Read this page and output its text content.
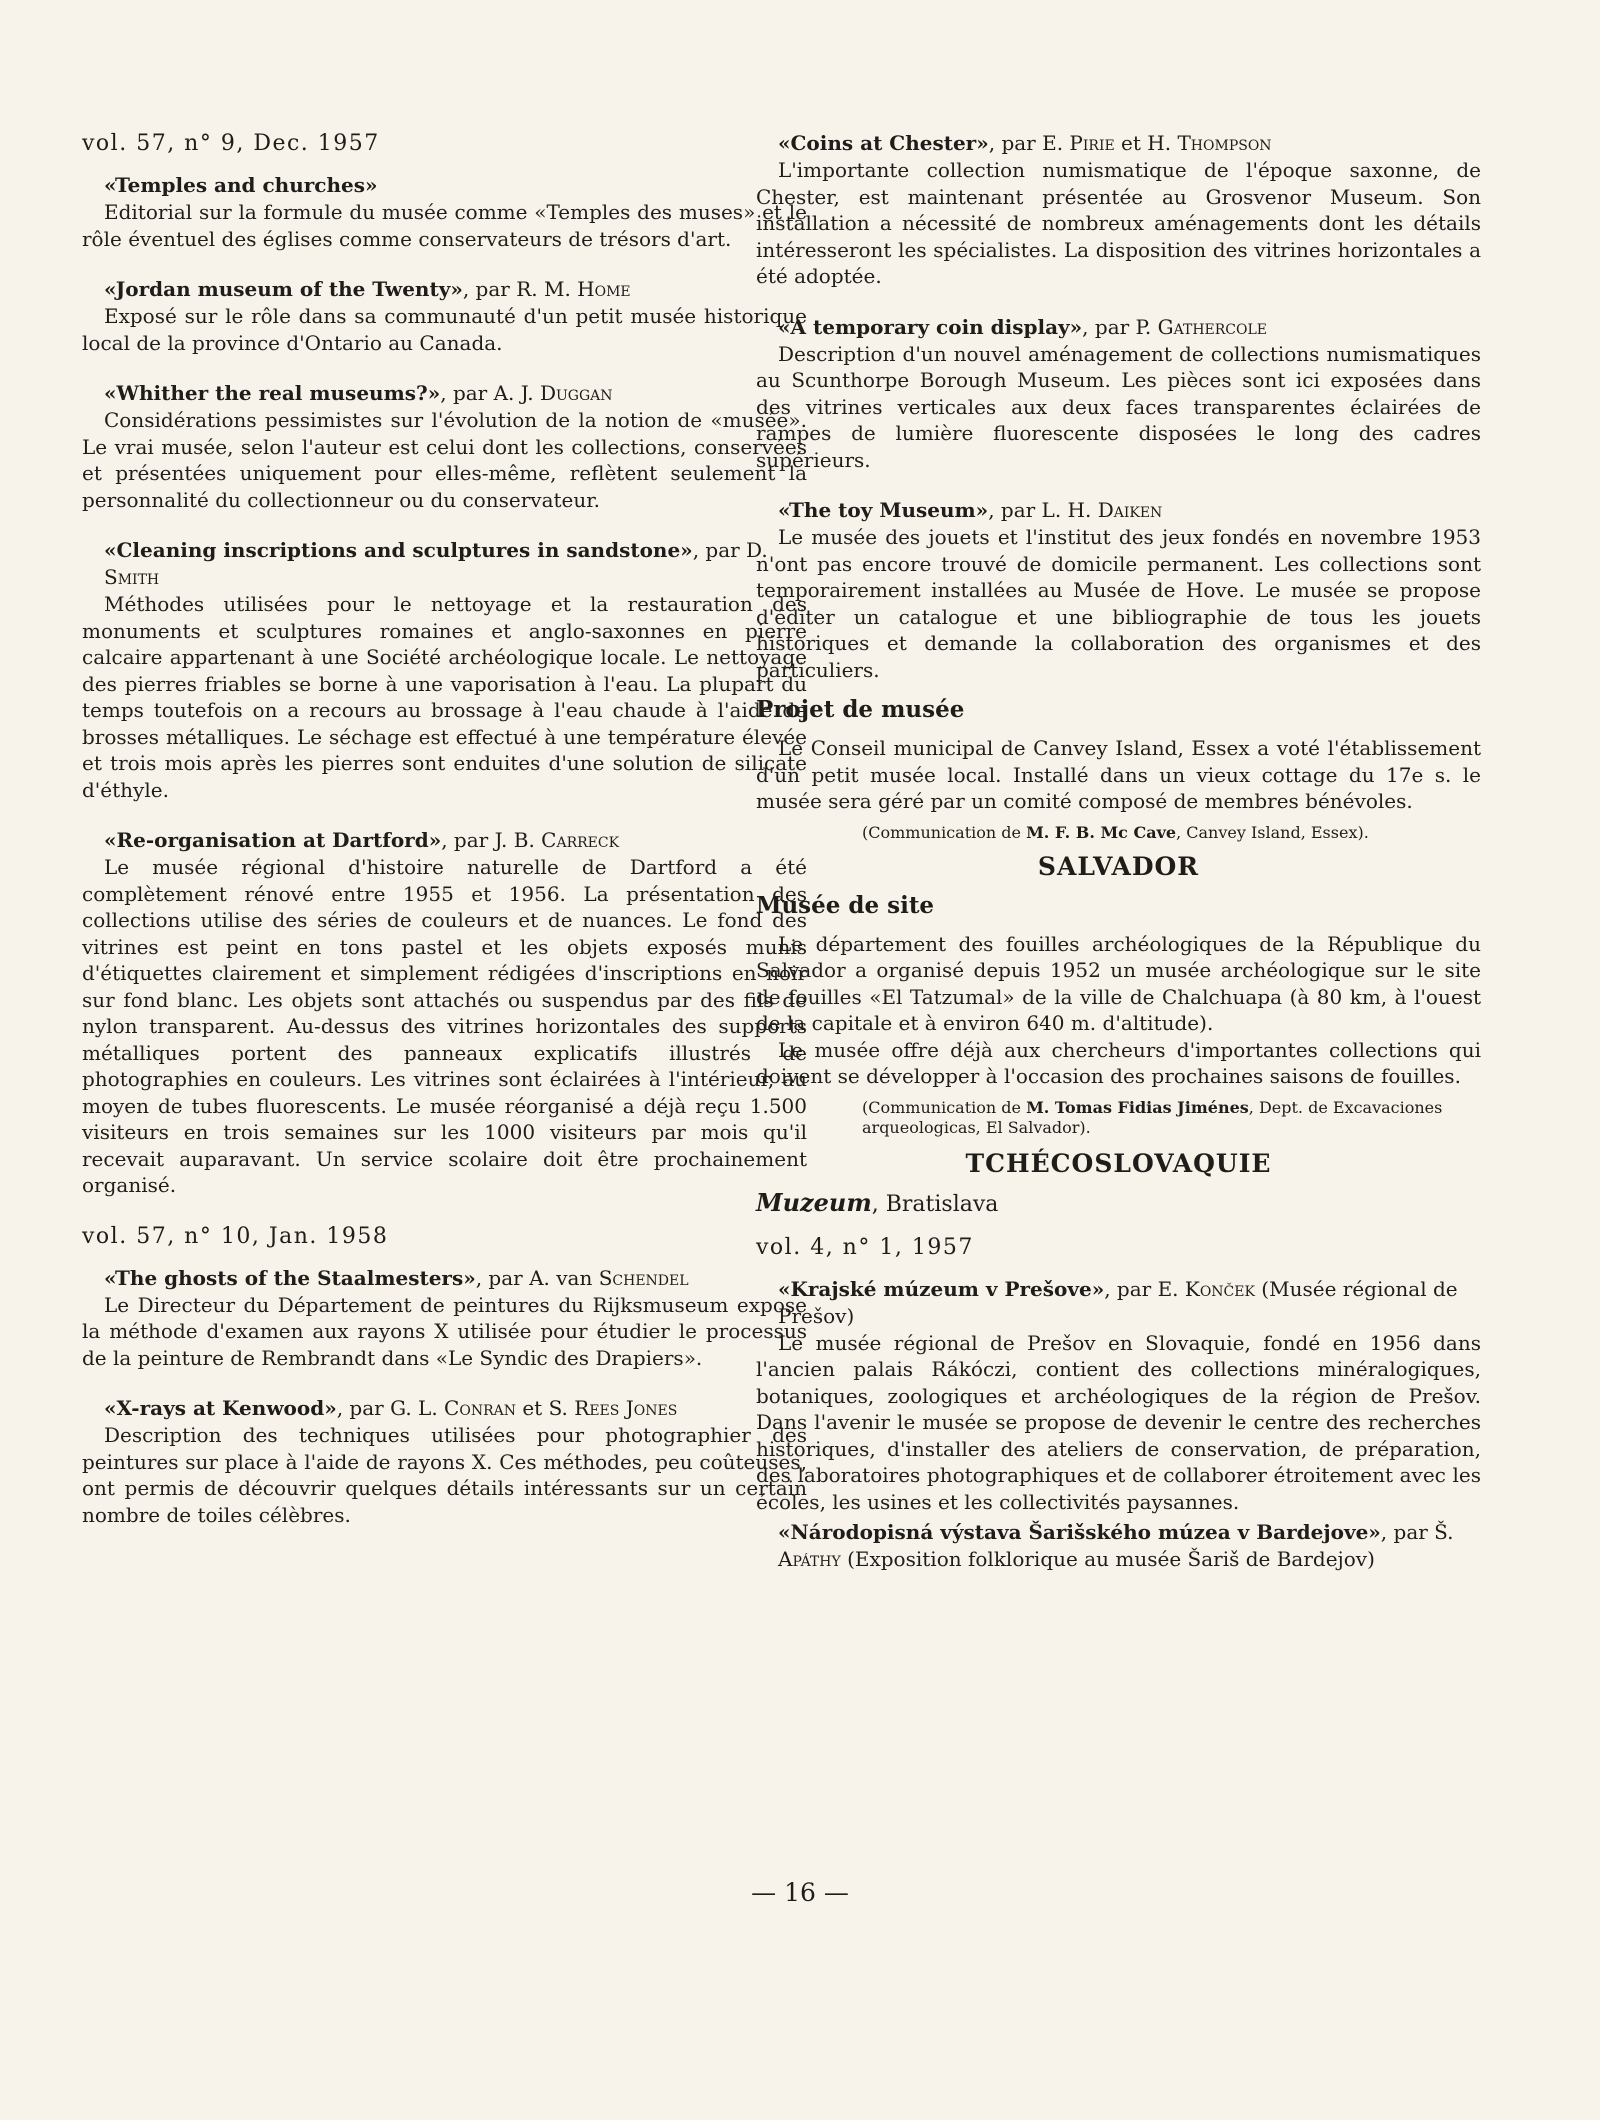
vol. 57, n° 9, Dec. 1957

«Temples and churches»

Editorial sur la formule du musée comme «Temples des muses» et le rôle éventuel des églises comme conservateurs de trésors d'art.

«Jordan museum of the Twenty», par R. M. Home

Exposé sur le rôle dans sa communauté d'un petit musée historique local de la province d'Ontario au Canada.

«Whither the real museums?», par A. J. Duggan

Considérations pessimistes sur l'évolution de la notion de «musée». Le vrai musée, selon l'auteur est celui dont les collections, conservées et présentées uniquement pour elles-même, reflètent seulement la personnalité du collectionneur ou du conservateur.

«Cleaning inscriptions and sculptures in sandstone», par D. Smith

Méthodes utilisées pour le nettoyage et la restauration des monuments et sculptures romaines et anglo-saxonnes en pierre calcaire appartenant à une Société archéologique locale. Le nettoyage des pierres friables se borne à une vaporisation à l'eau. La plupart du temps toutefois on a recours au brossage à l'eau chaude à l'aide de brosses métalliques. Le séchage est effectué à une température élevée et trois mois après les pierres sont enduites d'une solution de silicate d'éthyle.

«Re-organisation at Dartford», par J. B. Carreck

Le musée régional d'histoire naturelle de Dartford a été complètement rénové entre 1955 et 1956. La présentation des collections utilise des séries de couleurs et de nuances. Le fond des vitrines est peint en tons pastel et les objets exposés munis d'étiquettes clairement et simplement rédigées d'inscriptions en noir sur fond blanc. Les objets sont attachés ou suspendus par des fils de nylon transparent. Au-dessus des vitrines horizontales des supports métalliques portent des panneaux explicatifs illustrés de photographies en couleurs. Les vitrines sont éclairées à l'intérieur, au moyen de tubes fluorescents. Le musée réorganisé a déjà reçu 1.500 visiteurs en trois semaines sur les 1000 visiteurs par mois qu'il recevait auparavant. Un service scolaire doit être prochainement organisé.

vol. 57, n° 10, Jan. 1958

«The ghosts of the Staalmesters», par A. van Schendel

Le Directeur du Département de peintures du Rijksmuseum expose la méthode d'examen aux rayons X utilisée pour étudier le processus de la peinture de Rembrandt dans «Le Syndic des Drapiers».

«X-rays at Kenwood», par G. L. Conran et S. Rees Jones

Description des techniques utilisées pour photographier des peintures sur place à l'aide de rayons X. Ces méthodes, peu coûteuses, ont permis de découvrir quelques détails intéressants sur un certain nombre de toiles célèbres.

«Coins at Chester», par E. Pirie et H. Thompson

L'importante collection numismatique de l'époque saxonne, de Chester, est maintenant présentée au Grosvenor Museum. Son installation a nécessité de nombreux aménagements dont les détails intéresseront les spécialistes. La disposition des vitrines horizontales a été adoptée.

«A temporary coin display», par P. Gathercole

Description d'un nouvel aménagement de collections numismatiques au Scunthorpe Borough Museum. Les pièces sont ici exposées dans des vitrines verticales aux deux faces transparentes éclairées de rampes de lumière fluorescente disposées le long des cadres supérieurs.

«The toy Museum», par L. H. Daiken

Le musée des jouets et l'institut des jeux fondés en novembre 1953 n'ont pas encore trouvé de domicile permanent. Les collections sont temporairement installées au Musée de Hove. Le musée se propose d'éditer un catalogue et une bibliographie de tous les jouets historiques et demande la collaboration des organismes et des particuliers.

Projet de musée

Le Conseil municipal de Canvey Island, Essex a voté l'établissement d'un petit musée local. Installé dans un vieux cottage du 17e s. le musée sera géré par un comité composé de membres bénévoles.

(Communication de M. F. B. Mc Cave, Canvey Island, Essex).

SALVADOR

Musée de site

Le département des fouilles archéologiques de la République du Salvador a organisé depuis 1952 un musée archéologique sur le site de fouilles «El Tatzumal» de la ville de Chalchuapa (à 80 km, à l'ouest de la capitale et à environ 640 m. d'altitude).

Le musée offre déjà aux chercheurs d'importantes collections qui doivent se développer à l'occasion des prochaines saisons de fouilles.

(Communication de M. Tomas Fidias Jiménes, Dept. de Excavaciones arqueologicas, El Salvador).

TCHÉCOSLOVAQUIE

Muzeum, Bratislava

vol. 4, n° 1, 1957

«Krajské múzeum v Prešove», par E. Konček (Musée régional de Prešov)

Le musée régional de Prešov en Slovaquie, fondé en 1956 dans l'ancien palais Rákóczi, contient des collections minéralogiques, botaniques, zoologiques et archéologiques de la région de Prešov. Dans l'avenir le musée se propose de devenir le centre des recherches historiques, d'installer des ateliers de conservation, de préparation, des laboratoires photographiques et de collaborer étroitement avec les écoles, les usines et les collectivités paysannes.

«Národopisná výstava Šarišského múzea v Bardejove», par Š. Apáthy (Exposition folklorique au musée Šariš de Bardejov)

— 16 —
